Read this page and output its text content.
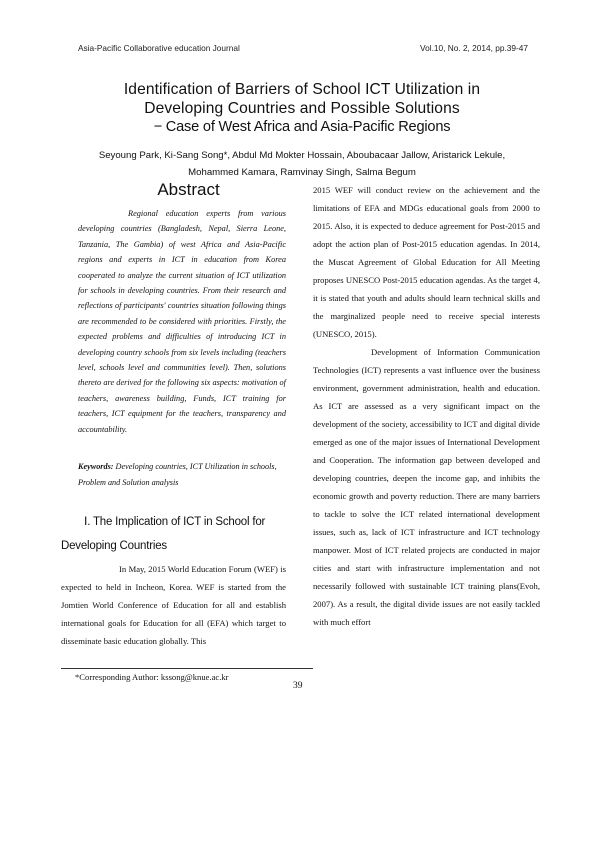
Asia-Pacific Collaborative education Journal	Vol.10, No. 2, 2014, pp.39-47
Identification of Barriers of School ICT Utilization in
Developing Countries and Possible Solutions
− Case of West Africa and Asia-Pacific Regions
Seyoung Park, Ki-Sang Song*, Abdul Md Mokter Hossain, Aboubacaar Jallow, Aristarick Lekule,
Mohammed Kamara, Ramvinay Singh, Salma Begum
Abstract

Regional education experts from various developing countries (Bangladesh, Nepal, Sierra Leone, Tanzania, The Gambia) of west Africa and Asia-Pacific regions and experts in ICT in education from Korea cooperated to analyze the current situation of ICT utilization for schools in developing countries. From their research and reflections of participants' countries situation following things are recommended to be considered with priorities. Firstly, the expected problems and difficulties of introducing ICT in developing country schools from six levels including (teachers level, schools level and communities level). Then, solutions thereto are derived for the following six aspects: motivation of teachers, awareness building, Funds, ICT training for teachers, ICT equipment for the teachers, transparency and accountability.

Keywords: Developing countries, ICT Utilization in schools, Problem and Solution analysis

Ⅰ. The Implication of ICT in School for
Developing Countries

In May, 2015 World Education Forum (WEF) is expected to held in Incheon, Korea. WEF is started from the Jomtien World Conference of Education for all and establish international goals for Education for all (EFA) which target to disseminate basic education globally. This

2015 WEF will conduct review on the achievement and the limitations of EFA and MDGs educational goals from 2000 to 2015. Also, it is expected to deduce agreement for Post-2015 and adopt the action plan of Post-2015 education agendas. In 2014, the Muscat Agreement of Global Education for All Meeting proposes UNESCO Post-2015 education agendas. As the target 4, it is stated that youth and adults should learn technical skills and the marginalized people need to receive special interests (UNESCO, 2015).

Development of Information Communication Technologies (ICT) represents a vast influence over the business environment, government administration, health and education. As ICT are assessed as a very significant impact on the development of the society, accessibility to ICT and digital divide emerged as one of the major issues of International Development and Cooperation. The information gap between developed and developing countries, deepen the income gap, and inhibits the economic growth and poverty reduction. There are many barriers to tackle to solve the ICT related international development issues, such as, lack of ICT infrastructure and ICT technology manpower. Most of ICT related projects are conducted in major cities and start with infrastructure implementation and not necessarily followed with sustainable ICT training plans(Evoh, 2007). As a result, the digital divide issues are not easily tackled with much effort

*Corresponding Author: kssong@knue.ac.kr
39
